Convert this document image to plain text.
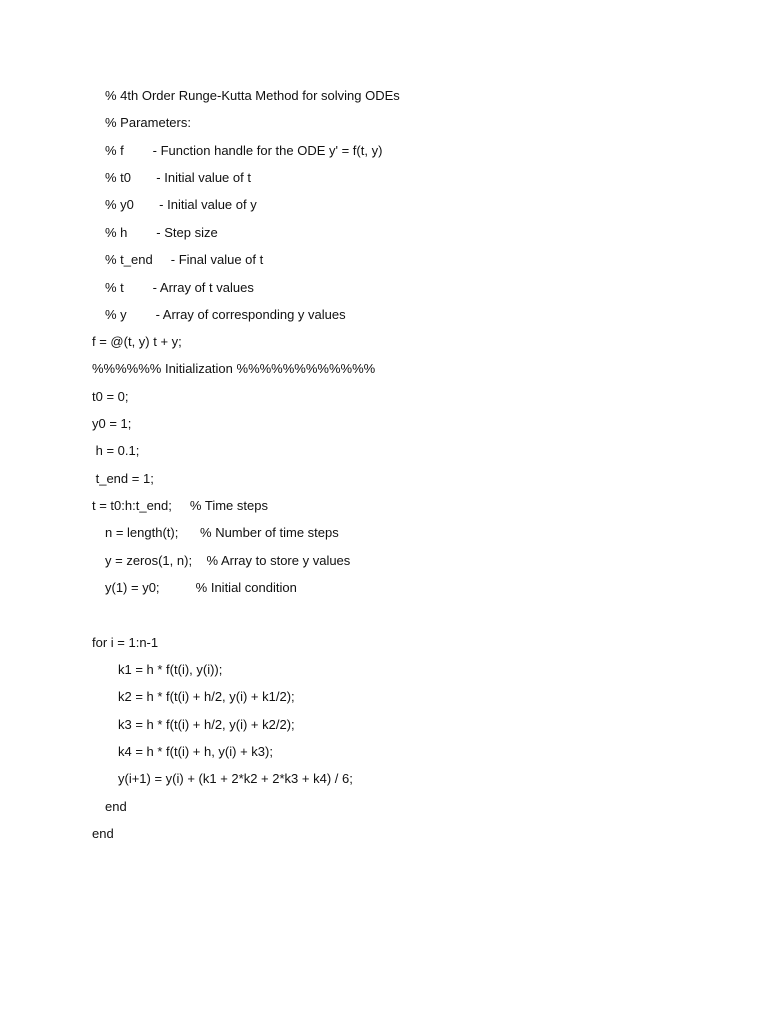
% 4th Order Runge-Kutta Method for solving ODEs
% Parameters:
% f        - Function handle for the ODE y' = f(t, y)
% t0       - Initial value of t
% y0       - Initial value of y
% h        - Step size
% t_end     - Final value of t
% t        - Array of t values
% y        - Array of corresponding y values
f = @(t, y) t + y;
%%%%%% Initialization %%%%%%%%%%%%
t0 = 0;
y0 = 1;
h = 0.1;
t_end = 1;
t = t0:h:t_end;     % Time steps
n = length(t);      % Number of time steps
y = zeros(1, n);    % Array to store y values
y(1) = y0;          % Initial condition
for i = 1:n-1
k1 = h * f(t(i), y(i));
k2 = h * f(t(i) + h/2, y(i) + k1/2);
k3 = h * f(t(i) + h/2, y(i) + k2/2);
k4 = h * f(t(i) + h, y(i) + k3);
y(i+1) = y(i) + (k1 + 2*k2 + 2*k3 + k4) / 6;
end
end
